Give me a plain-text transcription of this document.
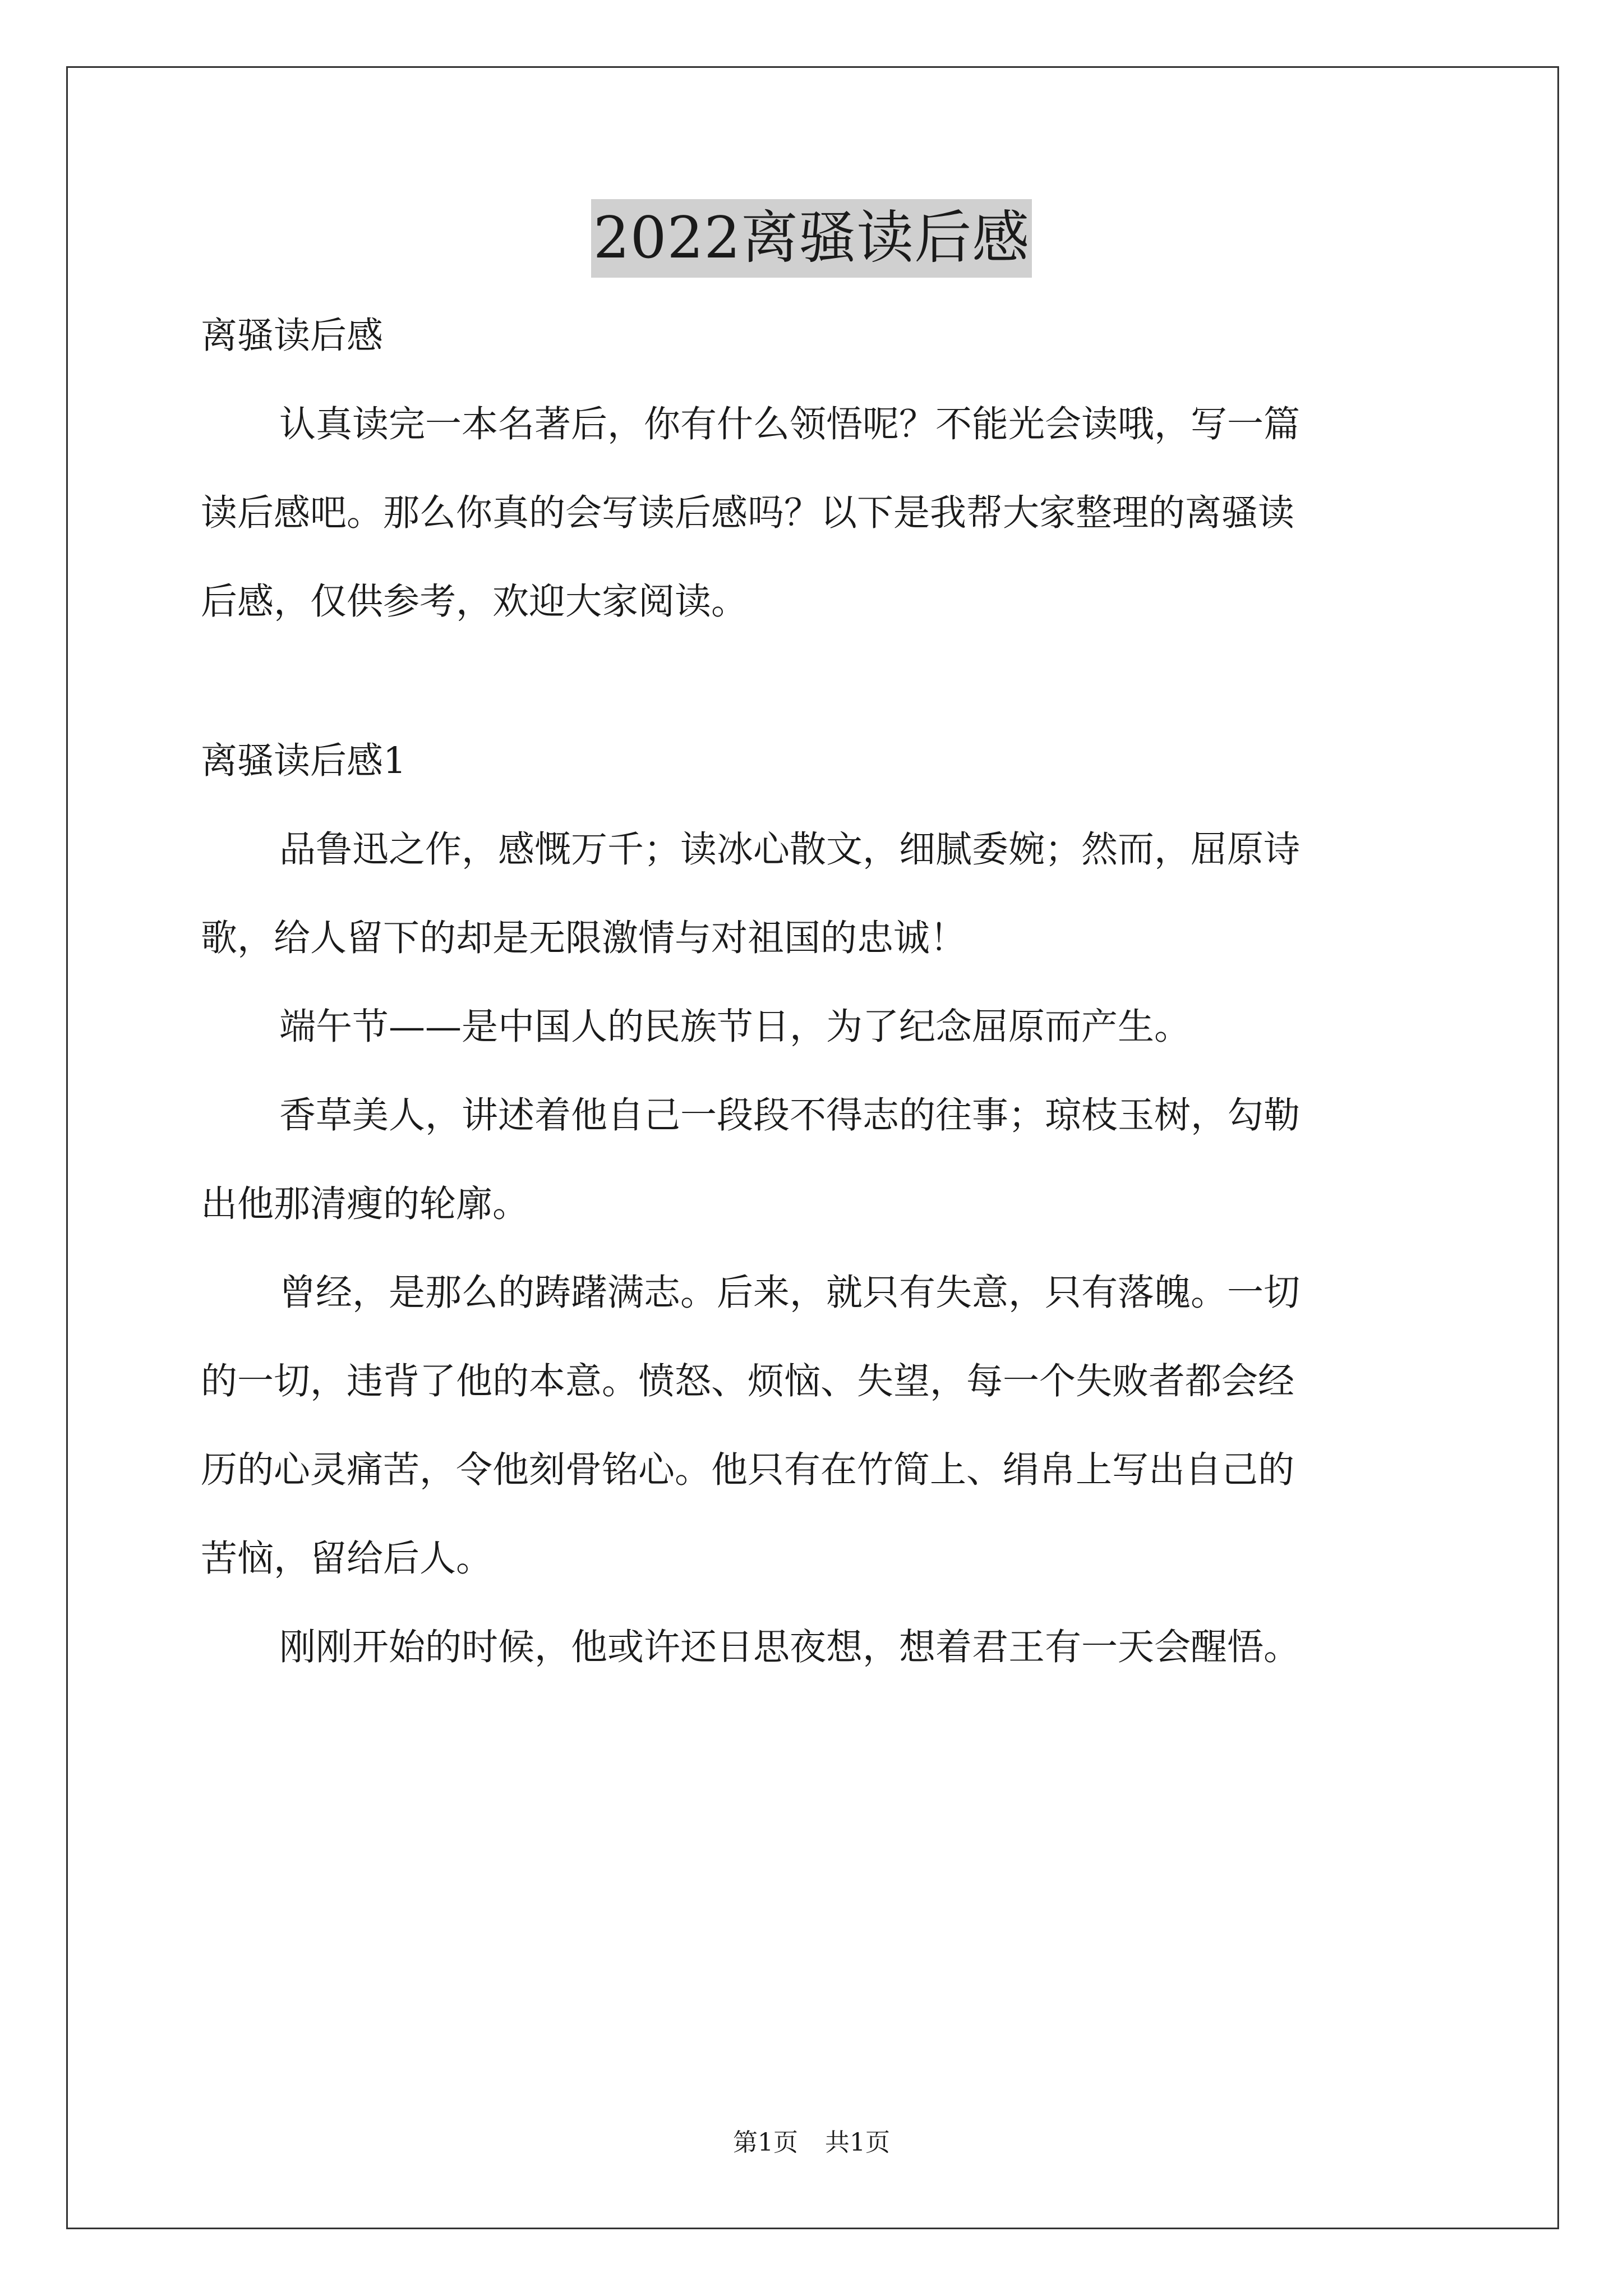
2022离骚读后感

离骚读后感

认真读完一本名著后，你有什么领悟呢？不能光会读哦，写一篇

读后感吧。那么你真的会写读后感吗？以下是我帮大家整理的离骚读

后感，仅供参考，欢迎大家阅读。

离骚读后感1

品鲁迅之作，感慨万千；读冰心散文，细腻委婉；然而，屈原诗

歌，给人留下的却是无限激情与对祖国的忠诚！

端午节——是中国人的民族节日，为了纪念屈原而产生。

香草美人，讲述着他自己一段段不得志的往事；琼枝玉树，勾勒

出他那清瘦的轮廓。

曾经，是那么的踌躇满志。后来，就只有失意，只有落魄。一切

的一切，违背了他的本意。愤怒、烦恼、失望，每一个失败者都会经

历的心灵痛苦，令他刻骨铭心。他只有在竹简上、绢帛上写出自己的

苦恼，留给后人。

刚刚开始的时候，他或许还日思夜想，想着君王有一天会醒悟。

第1页 共1页
